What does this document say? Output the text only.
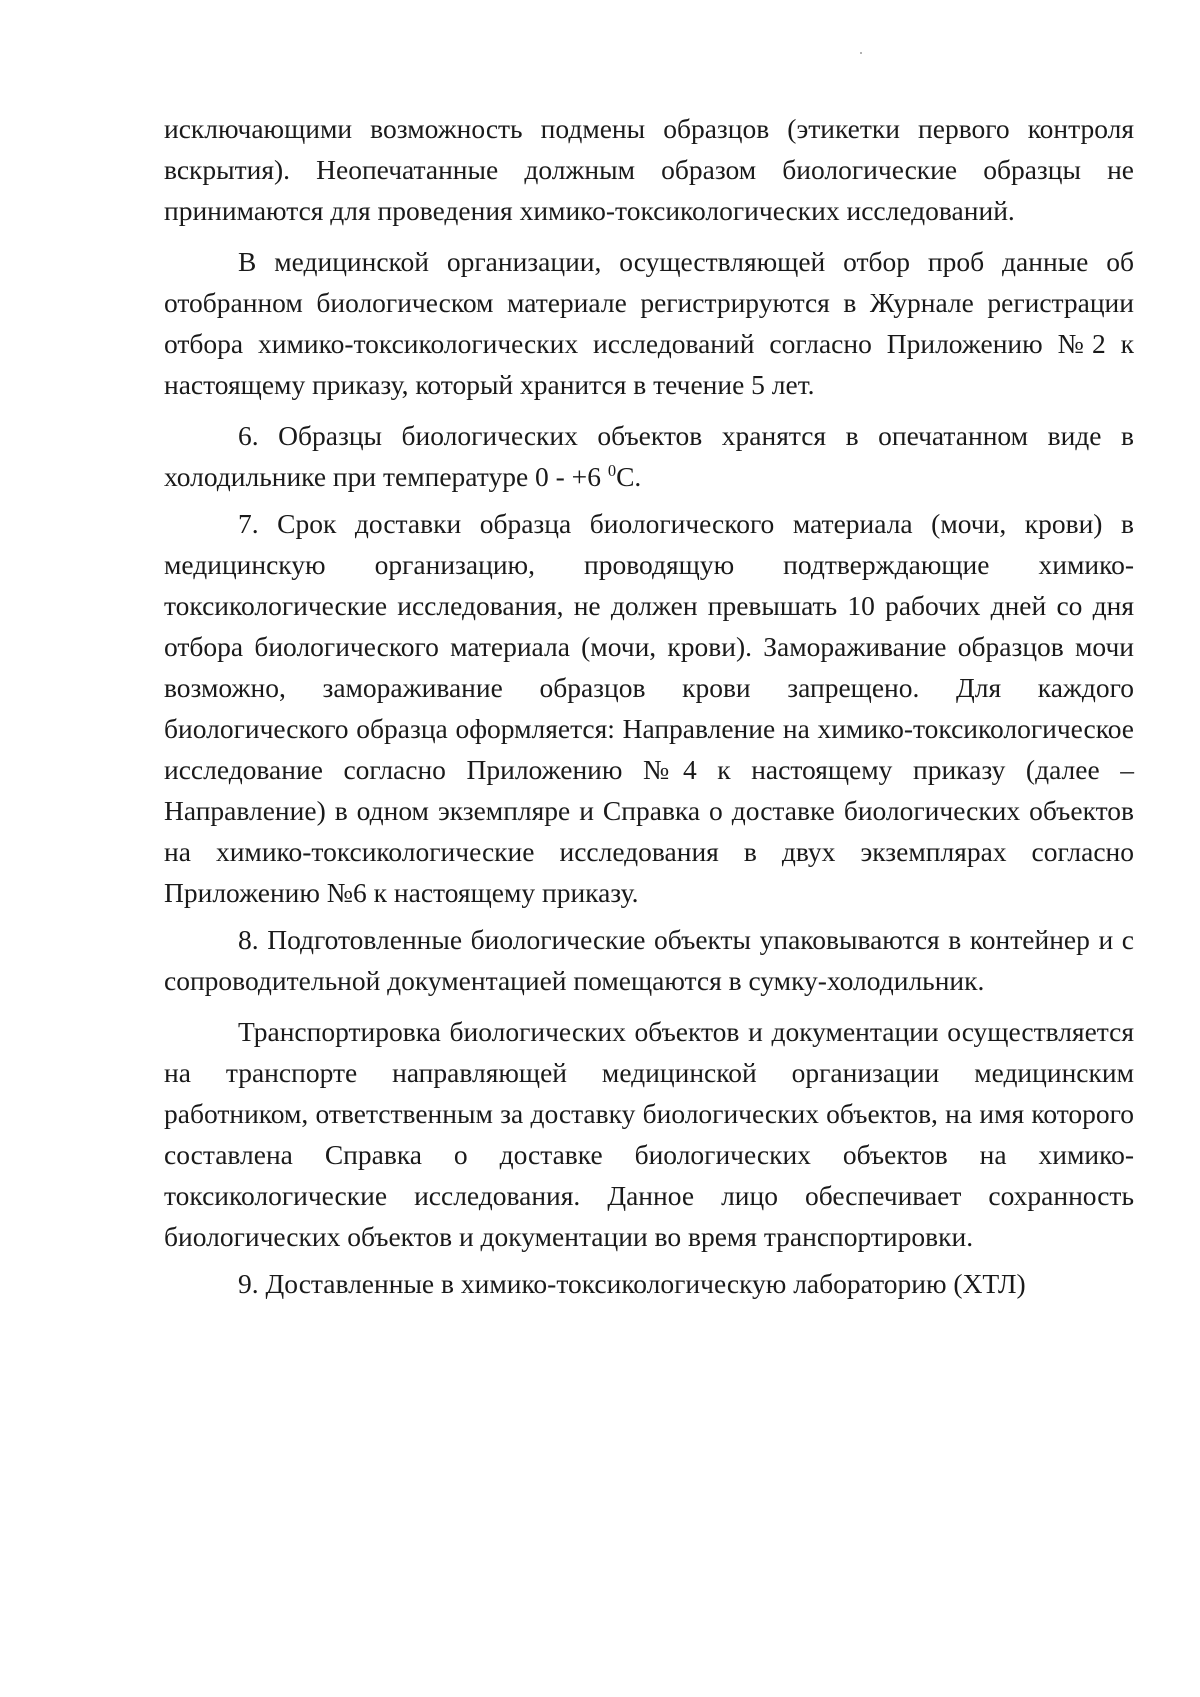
исключающими возможность подмены образцов (этикетки первого контроля вскрытия). Неопечатанные должным образом биологические образцы не принимаются для проведения химико-токсикологических исследований.

В медицинской организации, осуществляющей отбор проб данные об отобранном биологическом материале регистрируются в Журнале регистрации отбора химико-токсикологических исследований согласно Приложению №2 к настоящему приказу, который хранится в течение 5 лет.

6. Образцы биологических объектов хранятся в опечатанном виде в холодильнике при температуре 0 - +6 $^0$С.

7. Срок доставки образца биологического материала (мочи, крови) в медицинскую организацию, проводящую подтверждающие химико-токсикологические исследования, не должен превышать 10 рабочих дней со дня отбора биологического материала (мочи, крови). Замораживание образцов мочи возможно, замораживание образцов крови запрещено. Для каждого биологического образца оформляется: Направление на химико-токсикологическое исследование согласно Приложению №4 к настоящему приказу (далее – Направление) в одном экземпляре и Справка о доставке биологических объектов на химико-токсикологические исследования в двух экземплярах согласно Приложению №6 к настоящему приказу.

8. Подготовленные биологические объекты упаковываются в контейнер и с сопроводительной документацией помещаются в сумку-холодильник.

Транспортировка биологических объектов и документации осуществляется на транспорте направляющей медицинской организации медицинским работником, ответственным за доставку биологических объектов, на имя которого составлена Справка о доставке биологических объектов на химико-токсикологические исследования. Данное лицо обеспечивает сохранность биологических объектов и документации во время транспортировки.

9. Доставленные в химико-токсикологическую лабораторию (ХТЛ)
